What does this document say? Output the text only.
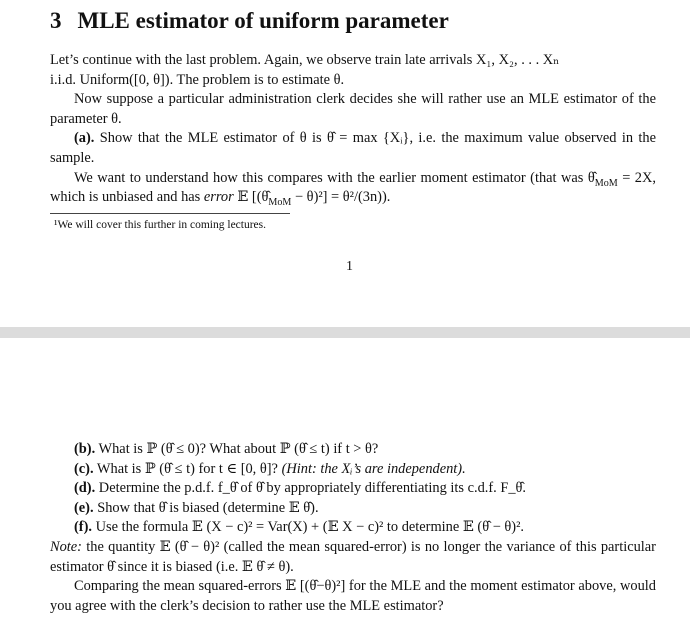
3 MLE estimator of uniform parameter

Let’s continue with the last problem. Again, we observe train late arrivals X₁, X₂, . . . Xₙ

i.i.d. Uniform([0, θ]). The problem is to estimate θ.

Now suppose a particular administration clerk decides she will rather use an MLE estimator of the parameter θ.

(a). Show that the MLE estimator of θ is θ̂ = max {Xᵢ}, i.e. the maximum value observed in the sample.

We want to understand how this compares with the earlier moment estimator (that was $\thetâ_{MoM} = 2X$, which is unbiased and has error 𝔼 $[(\thetâ_{MoM} - \theta)^2] = \theta^2/(3n)$).

¹We will cover this further in coming lectures.
1

(b). What is ℙ (θ̂ ≤ 0)? What about ℙ (θ̂ ≤ t) if t > θ?

(c). What is ℙ (θ̂ ≤ t) for t ∈ [0, θ]? (Hint: the Xᵢ’s are independent).

(d). Determine the p.d.f. f_θ̂ of θ̂ by appropriately differentiating its c.d.f. F_θ̂.

(e). Show that θ̂ is biased (determine 𝔼 θ̂).

(f). Use the formula 𝔼 (X − c)² = Var(X) + (𝔼 X − c)² to determine 𝔼 (θ̂ − θ)².

Note: the quantity 𝔼 (θ̂ − θ)² (called the mean squared-error) is no longer the variance of this particular estimator θ̂ since it is biased (i.e. 𝔼 θ̂ ≠ θ).

Comparing the mean squared-errors 𝔼 [(θ̂−θ)²] for the MLE and the moment estimator above, would you agree with the clerk’s decision to rather use the MLE estimator?
